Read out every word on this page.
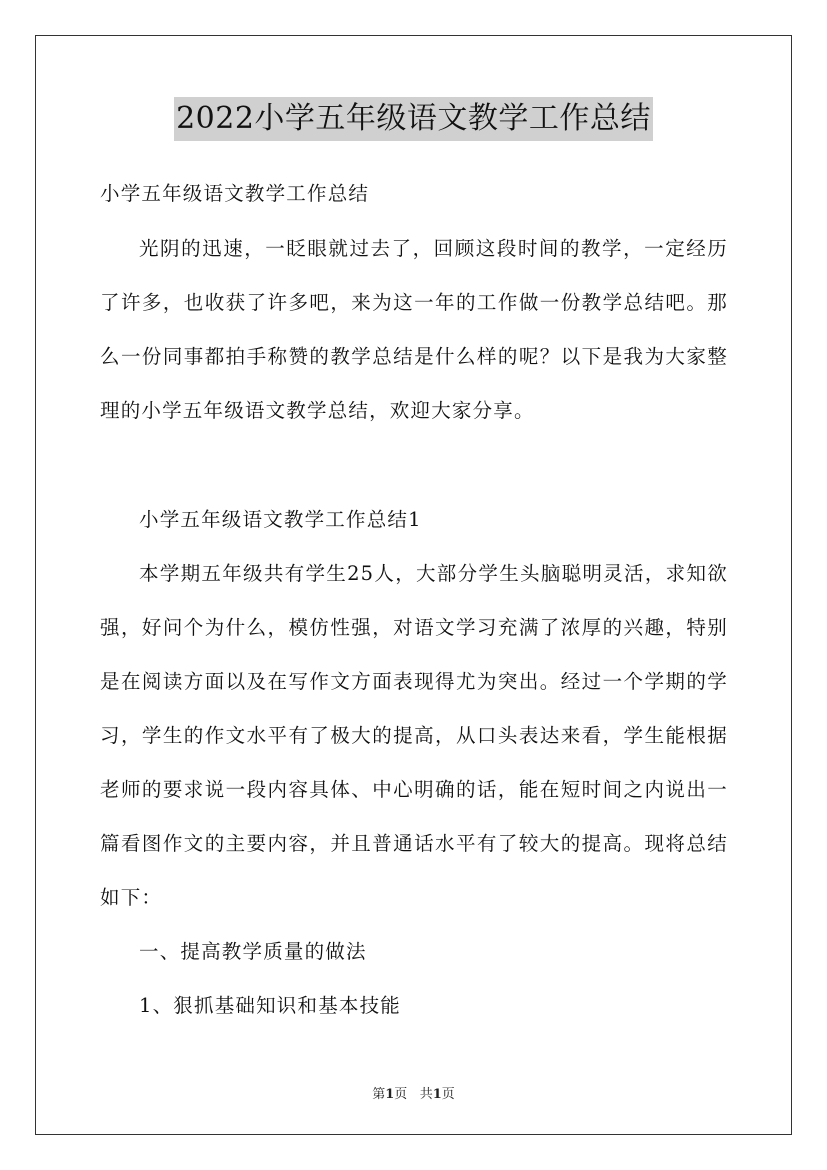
2022小学五年级语文教学工作总结

小学五年级语文教学工作总结

光阴的迅速，一眨眼就过去了，回顾这段时间的教学，一定经历了许多，也收获了许多吧，来为这一年的工作做一份教学总结吧。那么一份同事都拍手称赞的教学总结是什么样的呢？以下是我为大家整理的小学五年级语文教学总结，欢迎大家分享。

小学五年级语文教学工作总结1

本学期五年级共有学生25人，大部分学生头脑聪明灵活，求知欲强，好问个为什么，模仿性强，对语文学习充满了浓厚的兴趣，特别是在阅读方面以及在写作文方面表现得尤为突出。经过一个学期的学习，学生的作文水平有了极大的提高，从口头表达来看，学生能根据老师的要求说一段内容具体、中心明确的话，能在短时间之内说出一篇看图作文的主要内容，并且普通话水平有了较大的提高。现将总结如下：

一、提高教学质量的做法

1、狠抓基础知识和基本技能

第1页 共1页
